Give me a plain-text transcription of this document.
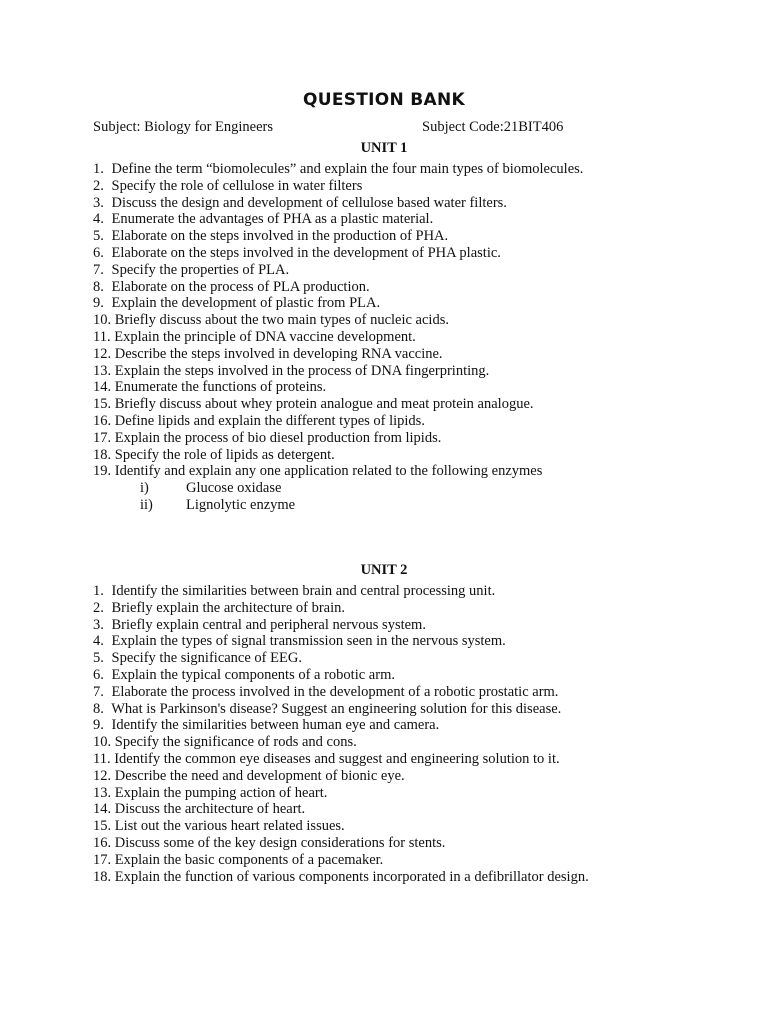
QUESTION BANK
Subject: Biology for Engineers	Subject Code:21BIT406
UNIT 1
1. Define the term “biomolecules” and explain the four main types of biomolecules.
2. Specify the role of cellulose in water filters
3. Discuss the design and development of cellulose based water filters.
4. Enumerate the advantages of PHA as a plastic material.
5. Elaborate on the steps involved in the production of PHA.
6. Elaborate on the steps involved in the development of PHA plastic.
7. Specify the properties of PLA.
8. Elaborate on the process of PLA production.
9. Explain the development of plastic from PLA.
10. Briefly discuss about the two main types of nucleic acids.
11. Explain the principle of DNA vaccine development.
12. Describe the steps involved in developing RNA vaccine.
13. Explain the steps involved in the process of DNA fingerprinting.
14. Enumerate the functions of proteins.
15. Briefly discuss about whey protein analogue and meat protein analogue.
16. Define lipids and explain the different types of lipids.
17. Explain the process of bio diesel production from lipids.
18. Specify the role of lipids as detergent.
19. Identify and explain any one application related to the following enzymes
i)	Glucose oxidase
ii) Lignolytic enzyme
UNIT 2
1. Identify the similarities between brain and central processing unit.
2. Briefly explain the architecture of brain.
3. Briefly explain central and peripheral nervous system.
4. Explain the types of signal transmission seen in the nervous system.
5. Specify the significance of EEG.
6. Explain the typical components of a robotic arm.
7. Elaborate the process involved in the development of a robotic prostatic arm.
8. What is Parkinson's disease? Suggest an engineering solution for this disease.
9. Identify the similarities between human eye and camera.
10. Specify the significance of rods and cons.
11. Identify the common eye diseases and suggest and engineering solution to it.
12. Describe the need and development of bionic eye.
13. Explain the pumping action of heart.
14. Discuss the architecture of heart.
15. List out the various heart related issues.
16. Discuss some of the key design considerations for stents.
17. Explain the basic components of a pacemaker.
18. Explain the function of various components incorporated in a defibrillator design.
